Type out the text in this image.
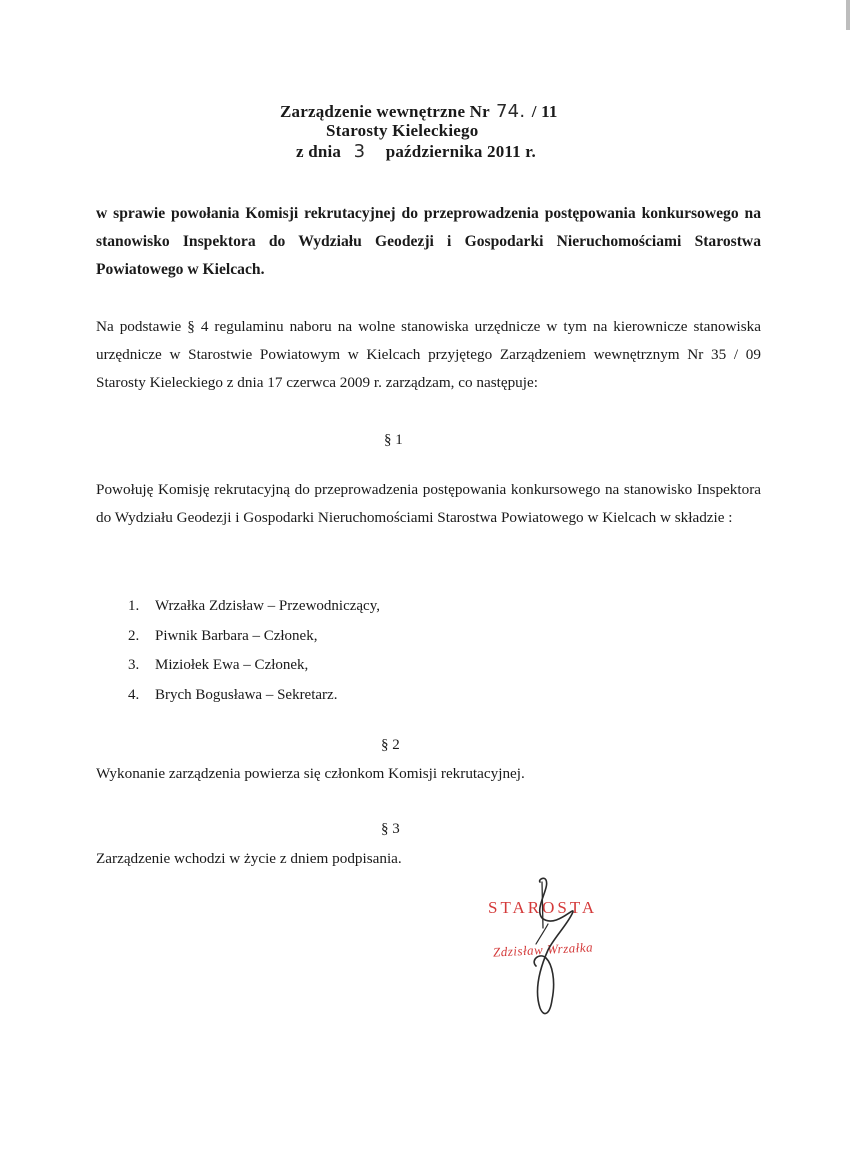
Zarządzenie wewnętrzne Nr 74. / 11
Starosty Kieleckiego
z dnia 3 października 2011 r.
w sprawie powołania Komisji rekrutacyjnej do przeprowadzenia postępowania konkursowego na stanowisko Inspektora do Wydziału Geodezji i Gospodarki Nieruchomościami Starostwa Powiatowego w Kielcach.
Na podstawie § 4 regulaminu naboru na wolne stanowiska urzędnicze w tym na kierownicze stanowiska urzędnicze w Starostwie Powiatowym w Kielcach przyjętego Zarządzeniem wewnętrznym Nr 35 / 09 Starosty Kieleckiego z dnia 17 czerwca 2009 r. zarządzam, co następuje:
§ 1
Powołuję Komisję rekrutacyjną do przeprowadzenia postępowania konkursowego na stanowisko Inspektora do Wydziału Geodezji i Gospodarki Nieruchomościami Starostwa Powiatowego w Kielcach w składzie :
1. Wrzałka Zdzisław – Przewodniczący,
2. Piwnik Barbara – Członek,
3. Miziołek Ewa – Członek,
4. Brych Bogusława – Sekretarz.
§ 2
Wykonanie zarządzenia powierza się członkom Komisji rekrutacyjnej.
§ 3
Zarządzenie wchodzi w życie z dniem podpisania.
STAROSTA
Zdzisław Wrzałka
